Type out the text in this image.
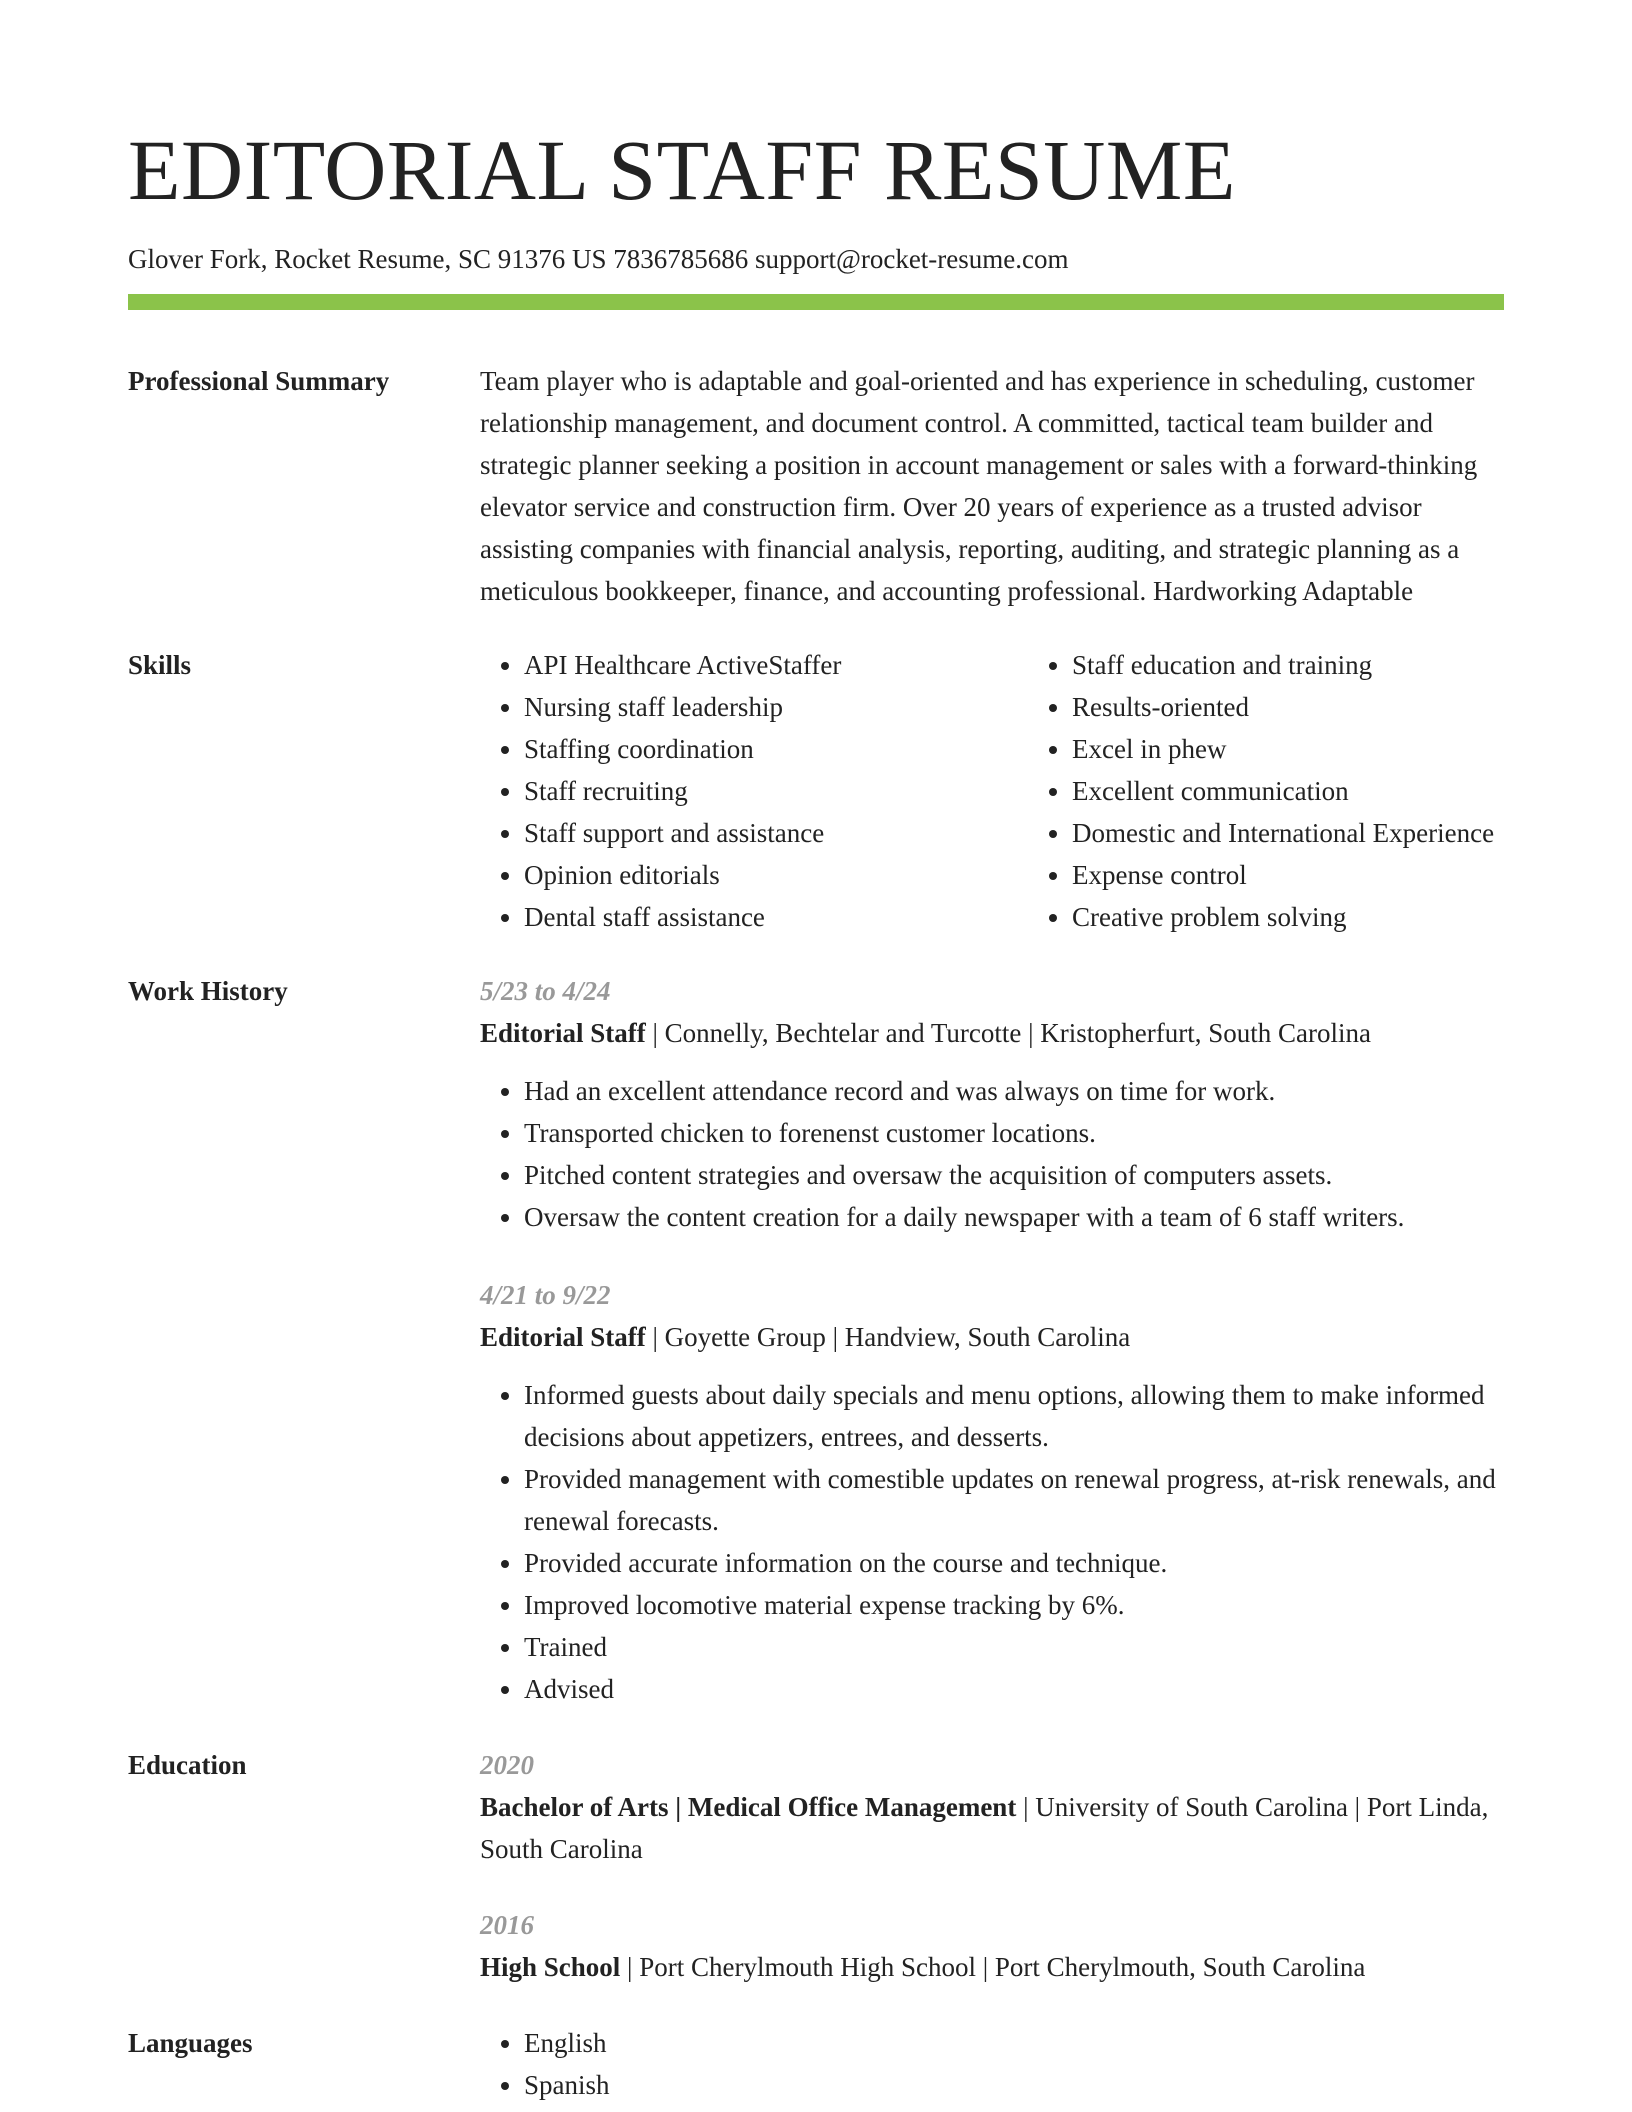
EDITORIAL STAFF RESUME
Glover Fork, Rocket Resume, SC 91376 US 7836785686 support@rocket-resume.com
Professional Summary	Team player who is adaptable and goal-oriented and has experience in scheduling, customer relationship management, and document control. A committed, tactical team builder and strategic planner seeking a position in account management or sales with a forward-thinking elevator service and construction firm. Over 20 years of experience as a trusted advisor assisting companies with financial analysis, reporting, auditing, and strategic planning as a meticulous bookkeeper, finance, and accounting professional. Hardworking Adaptable
Skills	• API Healthcare ActiveStaffer
• Nursing staff leadership
• Staffing coordination
• Staff recruiting
• Staff support and assistance
• Opinion editorials
• Dental staff assistance
• Staff education and training
• Results-oriented
• Excel in phew
• Excellent communication
• Domestic and International Experience
• Expense control
• Creative problem solving
Work History	5/23 to 4/24
Editorial Staff | Connelly, Bechtelar and Turcotte | Kristopherfurt, South Carolina
• Had an excellent attendance record and was always on time for work.
• Transported chicken to forenenst customer locations.
• Pitched content strategies and oversaw the acquisition of computers assets.
• Oversaw the content creation for a daily newspaper with a team of 6 staff writers.
4/21 to 9/22
Editorial Staff | Goyette Group | Handview, South Carolina
• Informed guests about daily specials and menu options, allowing them to make informed decisions about appetizers, entrees, and desserts.
• Provided management with comestible updates on renewal progress, at-risk renewals, and renewal forecasts.
• Provided accurate information on the course and technique.
• Improved locomotive material expense tracking by 6%.
• Trained
• Advised
Education	2020
Bachelor of Arts | Medical Office Management | University of South Carolina | Port Linda, South Carolina
2016
High School | Port Cherylmouth High School | Port Cherylmouth, South Carolina
Languages	• English
• Spanish
